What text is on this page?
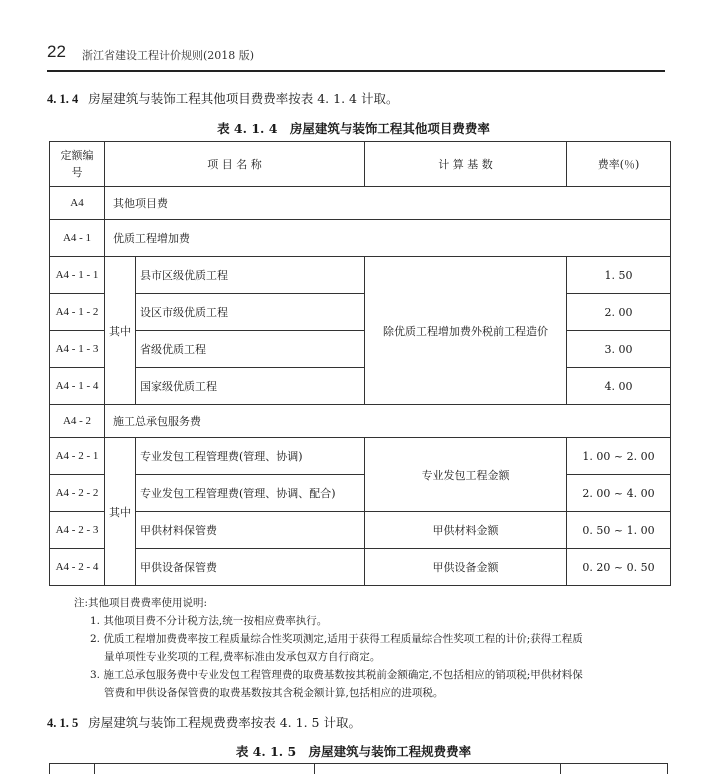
22 浙江省建设工程计价规则(2018 版)
4. 1. 4 房屋建筑与装饰工程其他项目费费率按表 4. 1. 4 计取。
表 4. 1. 4　房屋建筑与装饰工程其他项目费费率
定额编号	项 目 名 称		计 算 基 数	费率(％)
A4	其他项目费			
A4 - 1	优质工程增加费			
A4 - 1 - 1	其中	县市区级优质工程	除优质工程增加费外税前工程造价	1. 50
A4 - 1 - 2		设区市级优质工程		2. 00
A4 - 1 - 3		省级优质工程		3. 00
A4 - 1 - 4		国家级优质工程		4. 00
A4 - 2	施工总承包服务费			
A4 - 2 - 1	其中	专业发包工程管理费(管理、协调)	专业发包工程金额	1. 00 ~ 2. 00
A4 - 2 - 2		专业发包工程管理费(管理、协调、配合)		2. 00 ~ 4. 00
A4 - 2 - 3		甲供材料保管费	甲供材料金额	0. 50 ~ 1. 00
A4 - 2 - 4		甲供设备保管费	甲供设备金额	0. 20 ~ 0. 50
注:其他项目费费率使用说明:
1. 其他项目费不分计税方法,统一按相应费率执行。
2. 优质工程增加费费率按工程质量综合性奖项测定,适用于获得工程质量综合性奖项工程的计价;获得工程质
量单项性专业奖项的工程,费率标准由发承包双方自行商定。
3. 施工总承包服务费中专业发包工程管理费的取费基数按其税前金额确定,不包括相应的销项税;甲供材料保
管费和甲供设备保管费的取费基数按其含税金额计算,包括相应的进项税。
4. 1. 5 房屋建筑与装饰工程规费费率按表 4. 1. 5 计取。
表 4. 1. 5　房屋建筑与装饰工程规费费率
